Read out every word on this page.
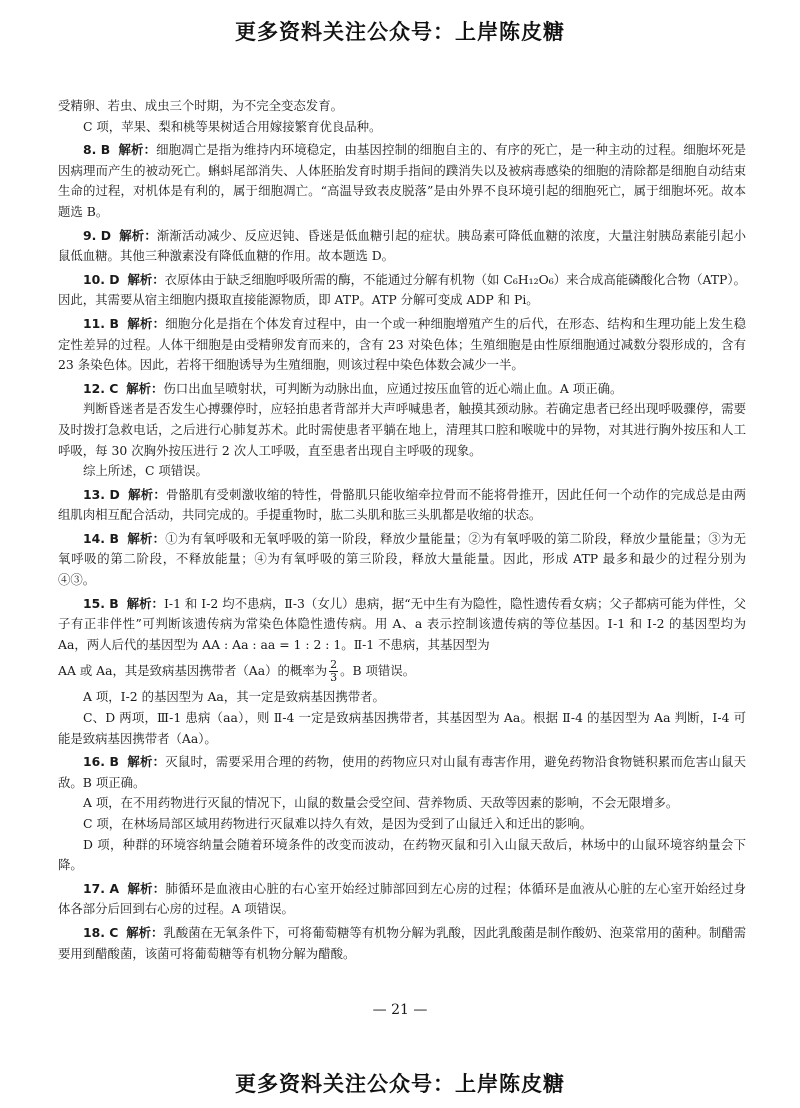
更多资料关注公众号：上岸陈皮糖

受精卵、若虫、成虫三个时期，为不完全变态发育。

C 项，苹果、梨和桃等果树适合用嫁接繁育优良品种。

8. B 解析：细胞凋亡是指为维持内环境稳定，由基因控制的细胞自主的、有序的死亡，是一种主动的过程。细胞坏死是因病理而产生的被动死亡。蝌蚪尾部消失、人体胚胎发育时期手指间的蹼消失以及被病毒感染的细胞的清除都是细胞自动结束生命的过程，对机体是有利的，属于细胞凋亡。“高温导致表皮脱落”是由外界不良环境引起的细胞死亡，属于细胞坏死。故本题选 B。

9. D 解析：渐渐活动减少、反应迟钝、昏迷是低血糖引起的症状。胰岛素可降低血糖的浓度，大量注射胰岛素能引起小鼠低血糖。其他三种激素没有降低血糖的作用。故本题选 D。

10. D 解析：衣原体由于缺乏细胞呼吸所需的酶，不能通过分解有机物（如 C₆H₁₂O₆）来合成高能磷酸化合物（ATP）。因此，其需要从宿主细胞内摄取直接能源物质，即 ATP。ATP 分解可变成 ADP 和 Pi。

11. B 解析：细胞分化是指在个体发育过程中，由一个或一种细胞增殖产生的后代，在形态、结构和生理功能上发生稳定性差异的过程。人体干细胞是由受精卵发育而来的，含有 23 对染色体；生殖细胞是由性原细胞通过减数分裂形成的，含有 23 条染色体。因此，若将干细胞诱导为生殖细胞，则该过程中染色体数会减少一半。

12. C 解析：伤口出血呈喷射状，可判断为动脉出血，应通过按压血管的近心端止血。A 项正确。

判断昏迷者是否发生心搏骤停时，应轻拍患者背部并大声呼喊患者，触摸其颈动脉。若确定患者已经出现呼吸骤停，需要及时拨打急救电话，之后进行心肺复苏术。此时需使患者平躺在地上，清理其口腔和喉咙中的异物，对其进行胸外按压和人工呼吸，每 30 次胸外按压进行 2 次人工呼吸，直至患者出现自主呼吸的现象。

综上所述，C 项错误。

13. D 解析：骨骼肌有受刺激收缩的特性，骨骼肌只能收缩牵拉骨而不能将骨推开，因此任何一个动作的完成总是由两组肌肉相互配合活动，共同完成的。手提重物时，肱二头肌和肱三头肌都是收缩的状态。

14. B 解析：①为有氧呼吸和无氧呼吸的第一阶段，释放少量能量；②为有氧呼吸的第二阶段，释放少量能量；③为无氧呼吸的第二阶段，不释放能量；④为有氧呼吸的第三阶段，释放大量能量。因此，形成 ATP 最多和最少的过程分别为④③。

15. B 解析：Ⅰ-1 和 Ⅰ-2 均不患病，Ⅱ-3（女儿）患病，据“无中生有为隐性，隐性遗传看女病；父子都病可能为伴性，父子有正非伴性”可判断该遗传病为常染色体隐性遗传病。用 A、a 表示控制该遗传病的等位基因。Ⅰ-1 和 Ⅰ-2 的基因型均为 Aa，两人后代的基因型为 AA : Aa : aa = 1 : 2 : 1。Ⅱ-1 不患病，其基因型为

AA 或 Aa，其是致病基因携带者（Aa）的概率为 $\frac{2}{3}$ 。B 项错误。

A 项，Ⅰ-2 的基因型为 Aa，其一定是致病基因携带者。

C、D 两项，Ⅲ-1 患病（aa），则 Ⅱ-4 一定是致病基因携带者，其基因型为 Aa。根据 Ⅱ-4 的基因型为 Aa 判断，Ⅰ-4 可能是致病基因携带者（Aa）。

16. B 解析：灭鼠时，需要采用合理的药物，使用的药物应只对山鼠有毒害作用，避免药物沿食物链积累而危害山鼠天敌。B 项正确。

A 项，在不用药物进行灭鼠的情况下，山鼠的数量会受空间、营养物质、天敌等因素的影响，不会无限增多。

C 项，在林场局部区域用药物进行灭鼠难以持久有效，是因为受到了山鼠迁入和迁出的影响。

D 项，种群的环境容纳量会随着环境条件的改变而波动，在药物灭鼠和引入山鼠天敌后，林场中的山鼠环境容纳量会下降。

17. A 解析：肺循环是血液由心脏的右心室开始经过肺部回到左心房的过程；体循环是血液从心脏的左心室开始经过身体各部分后回到右心房的过程。A 项错误。

18. C 解析：乳酸菌在无氧条件下，可将葡萄糖等有机物分解为乳酸，因此乳酸菌是制作酸奶、泡菜常用的菌种。制醋需要用到醋酸菌，该菌可将葡萄糖等有机物分解为醋酸。

— 21 —
更多资料关注公众号：上岸陈皮糖
